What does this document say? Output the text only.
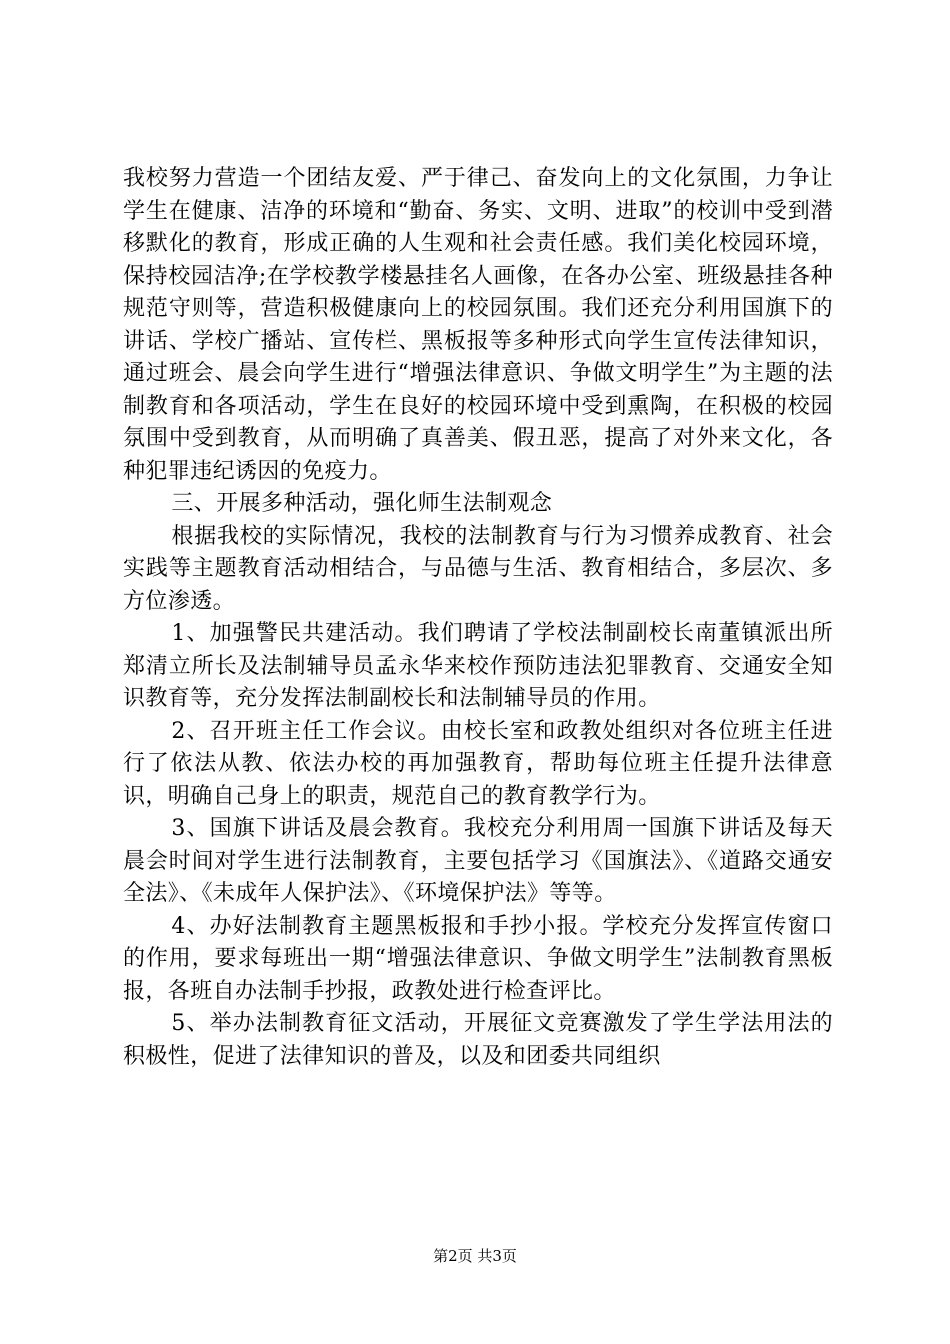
我校努力营造一个团结友爱、严于律己、奋发向上的文化氛围，力争让学生在健康、洁净的环境和“勤奋、务实、文明、进取”的校训中受到潜移默化的教育，形成正确的人生观和社会责任感。我们美化校园环境，保持校园洁净;在学校教学楼悬挂名人画像，在各办公室、班级悬挂各种规范守则等，营造积极健康向上的校园氛围。我们还充分利用国旗下的讲话、学校广播站、宣传栏、黑板报等多种形式向学生宣传法律知识，通过班会、晨会向学生进行“增强法律意识、争做文明学生”为主题的法制教育和各项活动，学生在良好的校园环境中受到熏陶，在积极的校园氛围中受到教育，从而明确了真善美、假丑恶，提高了对外来文化，各种犯罪违纪诱因的免疫力。

三、开展多种活动，强化师生法制观念

根据我校的实际情况，我校的法制教育与行为习惯养成教育、社会实践等主题教育活动相结合，与品德与生活、教育相结合，多层次、多方位渗透。

1、加强警民共建活动。我们聘请了学校法制副校长南董镇派出所郑清立所长及法制辅导员孟永华来校作预防违法犯罪教育、交通安全知识教育等，充分发挥法制副校长和法制辅导员的作用。

2、召开班主任工作会议。由校长室和政教处组织对各位班主任进行了依法从教、依法办校的再加强教育，帮助每位班主任提升法律意识，明确自己身上的职责，规范自己的教育教学行为。

3、国旗下讲话及晨会教育。我校充分利用周一国旗下讲话及每天晨会时间对学生进行法制教育，主要包括学习《国旗法》、《道路交通安全法》、《未成年人保护法》、《环境保护法》等等。

4、办好法制教育主题黑板报和手抄小报。学校充分发挥宣传窗口的作用，要求每班出一期“增强法律意识、争做文明学生”法制教育黑板报，各班自办法制手抄报，政教处进行检查评比。

5、举办法制教育征文活动，开展征文竞赛激发了学生学法用法的积极性，促进了法律知识的普及，以及和团委共同组织

第2页 共3页
